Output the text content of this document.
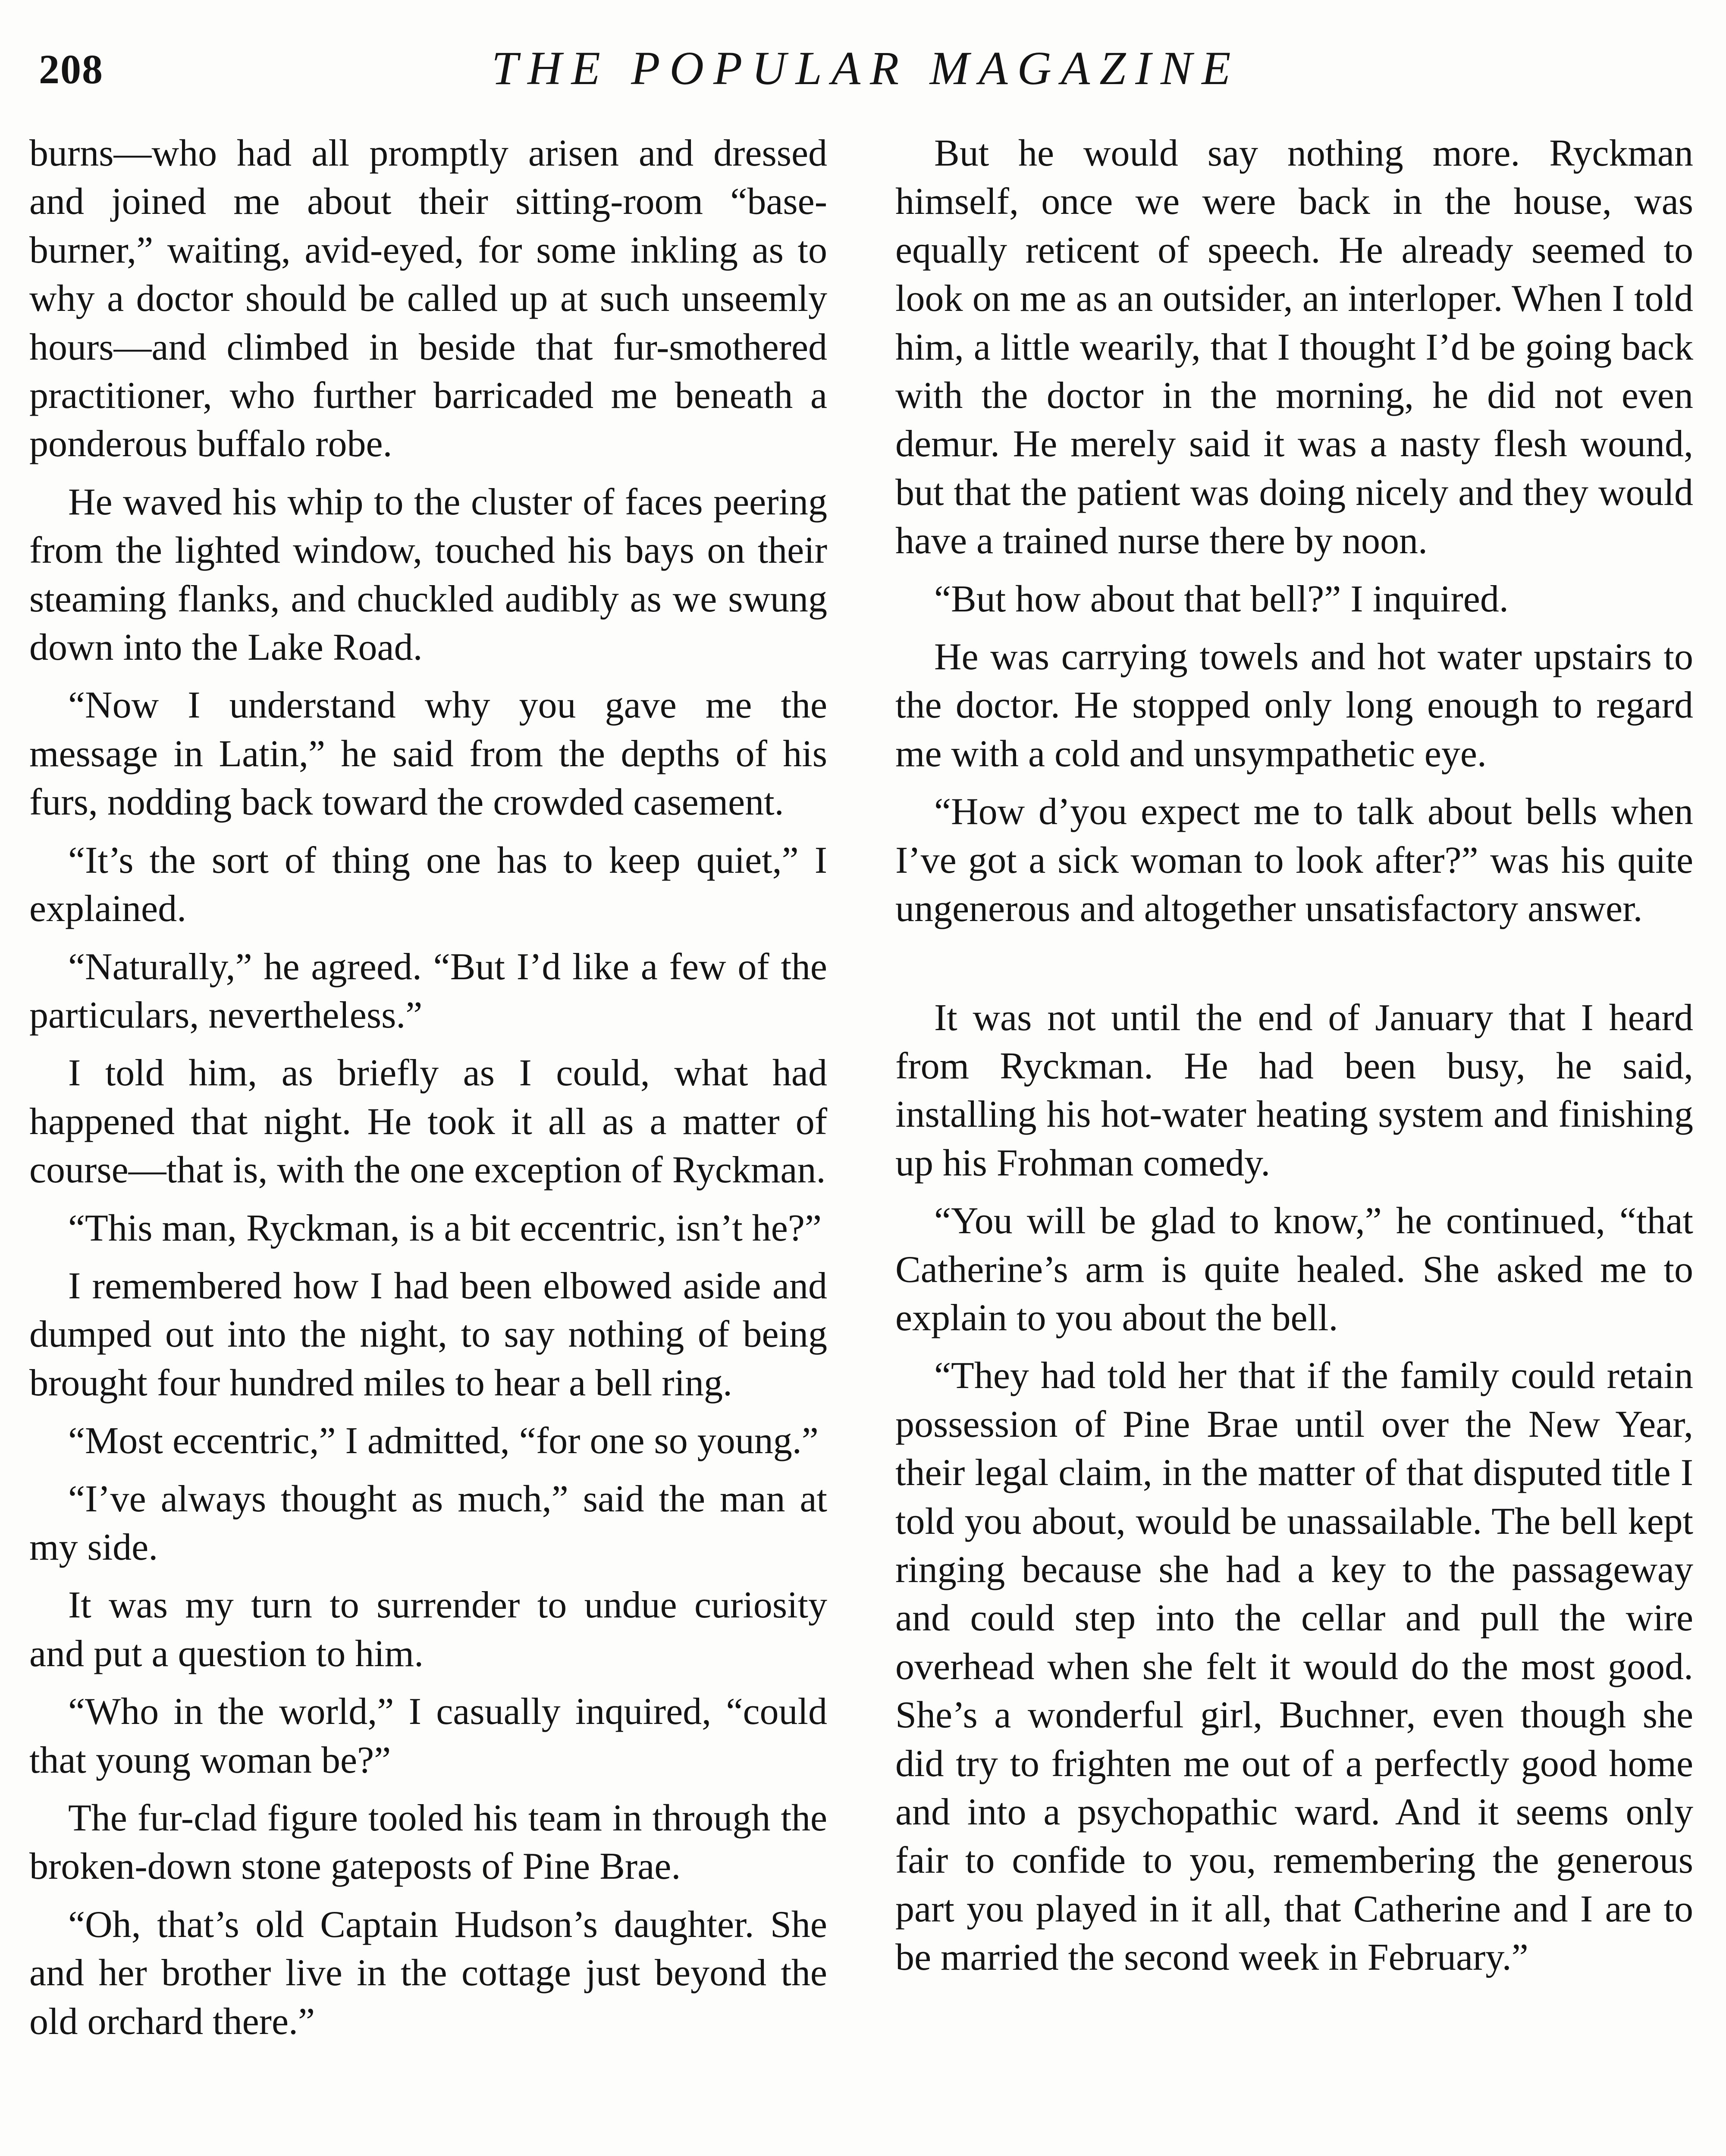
208	THE POPULAR MAGAZINE

burns—who had all promptly arisen and dressed and joined me about their sitting-room “base-burner,” waiting, avid-eyed, for some inkling as to why a doctor should be called up at such unseemly hours—and climbed in beside that fur-smothered practitioner, who further barricaded me beneath a ponderous buffalo robe.

He waved his whip to the cluster of faces peering from the lighted window, touched his bays on their steaming flanks, and chuckled audibly as we swung down into the Lake Road.

“Now I understand why you gave me the message in Latin,” he said from the depths of his furs, nodding back toward the crowded casement.

“It’s the sort of thing one has to keep quiet,” I explained.

“Naturally,” he agreed. “But I’d like a few of the particulars, nevertheless.”

I told him, as briefly as I could, what had happened that night. He took it all as a matter of course—that is, with the one exception of Ryckman.

“This man, Ryckman, is a bit eccentric, isn’t he?”

I remembered how I had been elbowed aside and dumped out into the night, to say nothing of being brought four hundred miles to hear a bell ring.

“Most eccentric,” I admitted, “for one so young.”

“I’ve always thought as much,” said the man at my side.

It was my turn to surrender to undue curiosity and put a question to him.

“Who in the world,” I casually inquired, “could that young woman be?”

The fur-clad figure tooled his team in through the broken-down stone gateposts of Pine Brae.

“Oh, that’s old Captain Hudson’s daughter. She and her brother live in the cottage just beyond the old orchard there.”

But he would say nothing more. Ryckman himself, once we were back in the house, was equally reticent of speech. He already seemed to look on me as an outsider, an interloper. When I told him, a little wearily, that I thought I’d be going back with the doctor in the morning, he did not even demur. He merely said it was a nasty flesh wound, but that the patient was doing nicely and they would have a trained nurse there by noon.

“But how about that bell?” I inquired.

He was carrying towels and hot water upstairs to the doctor. He stopped only long enough to regard me with a cold and unsympathetic eye.

“How d’you expect me to talk about bells when I’ve got a sick woman to look after?” was his quite ungenerous and altogether unsatisfactory answer.

It was not until the end of January that I heard from Ryckman. He had been busy, he said, installing his hot-water heating system and finishing up his Frohman comedy.

“You will be glad to know,” he continued, “that Catherine’s arm is quite healed. She asked me to explain to you about the bell.

“They had told her that if the family could retain possession of Pine Brae until over the New Year, their legal claim, in the matter of that disputed title I told you about, would be unassailable. The bell kept ringing because she had a key to the passageway and could step into the cellar and pull the wire overhead when she felt it would do the most good. She’s a wonderful girl, Buchner, even though she did try to frighten me out of a perfectly good home and into a psychopathic ward. And it seems only fair to confide to you, remembering the generous part you played in it all, that Catherine and I are to be married the second week in February.”
